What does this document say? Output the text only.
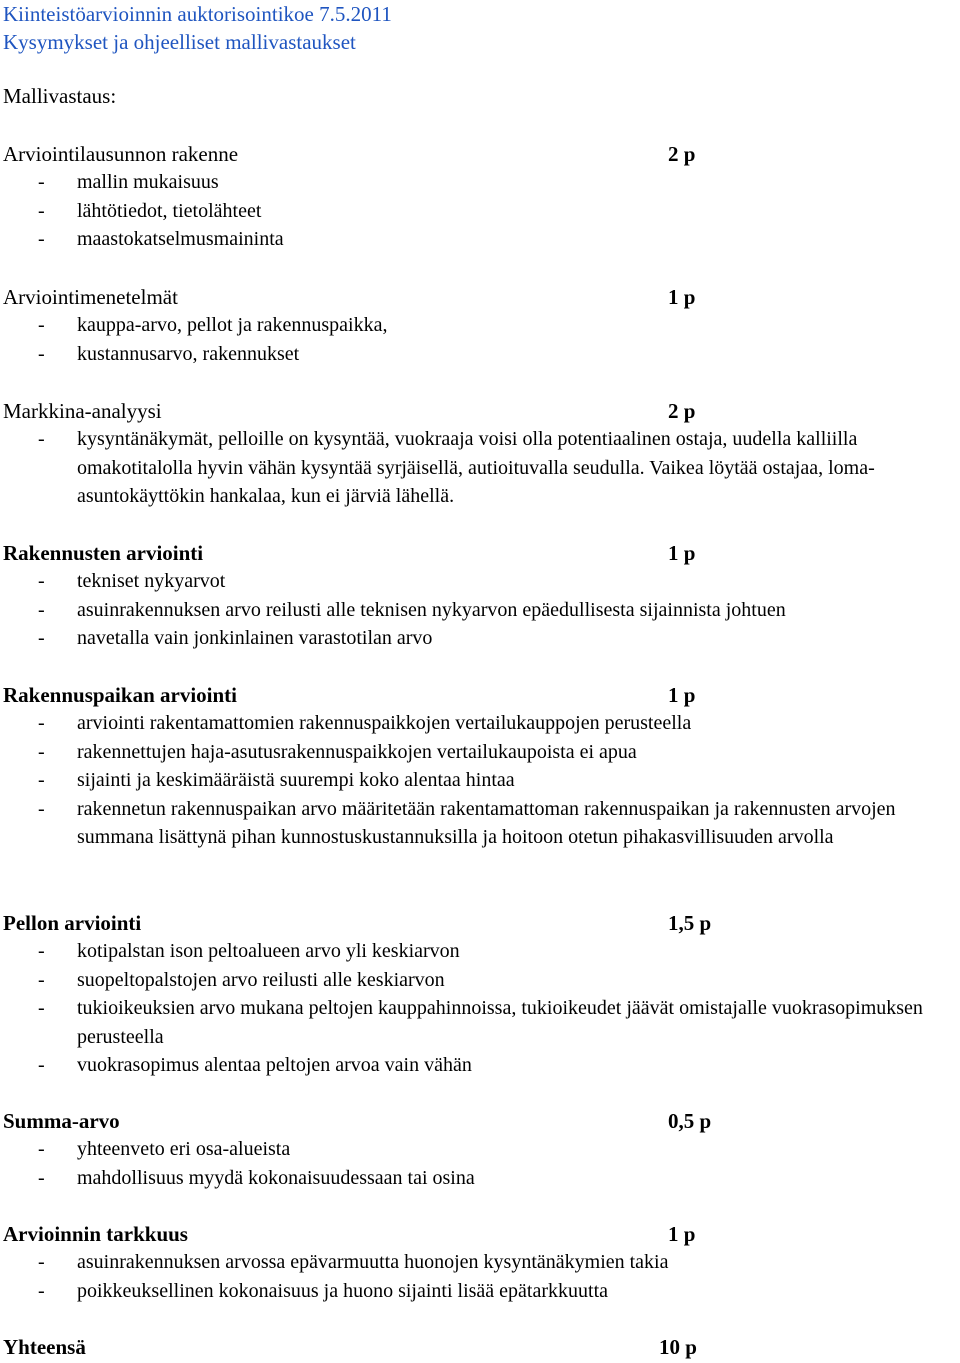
Kiinteistöarvioinnin auktorisointikoe 7.5.2011
Kysymykset ja ohjeelliset mallivastaukset
Mallivastaus:
Arviointilausunnon rakenne	2 p
- mallin mukaisuus
- lähtötiedot, tietolähteet
- maastokatselmusmaininta
Arviointimenetelmät	1 p
- kauppa-arvo, pellot ja rakennuspaikka,
- kustannusarvo, rakennukset
Markkina-analyysi	2 p
- kysyntänäkymät, pelloille on kysyntää, vuokraaja voisi olla potentiaalinen ostaja, uudella kalliilla omakotitalolla hyvin vähän kysyntää syrjäisellä, autioituvalla seudulla. Vaikea löytää ostajaa, loma-asuntokäyttökin hankalaa, kun ei järviä lähellä.
Rakennusten arviointi	1 p
- tekniset nykyarvot
- asuinrakennuksen arvo reilusti alle teknisen nykyarvon epäedullisesta sijainnista johtuen
- navetalla vain jonkinlainen varastotilan arvo
Rakennuspaikan arviointi	1 p
- arviointi rakentamattomien rakennuspaikkojen vertailukauppojen perusteella
- rakennettujen haja-asutusrakennuspaikkojen vertailukaupoista ei apua
- sijainti ja keskimääräistä suurempi koko alentaa hintaa
- rakennetun rakennuspaikan arvo määritetään rakentamattoman rakennuspaikan ja rakennusten arvojen summana lisättynä pihan kunnostuskustannuksilla ja hoitoon otetun pihakasvillisuuden arvolla
Pellon arviointi	1,5 p
- kotipalstan ison peltoalueen arvo yli keskiarvon
- suopeltopalstojen arvo reilusti alle keskiarvon
- tukioikeuksien arvo mukana peltojen kauppahinnoissa, tukioikeudet jäävät omistajalle vuokrasopimuksen perusteella
- vuokrasopimus alentaa peltojen arvoa vain vähän
Summa-arvo	0,5 p
- yhteenveto eri osa-alueista
- mahdollisuus myydä kokonaisuudessaan tai osina
Arvioinnin tarkkuus	1 p
- asuinrakennuksen arvossa epävarmuutta huonojen kysyntänäkymien takia
- poikkeuksellinen kokonaisuus ja huono sijainti lisää epätarkkuutta
Yhteensä	10 p
